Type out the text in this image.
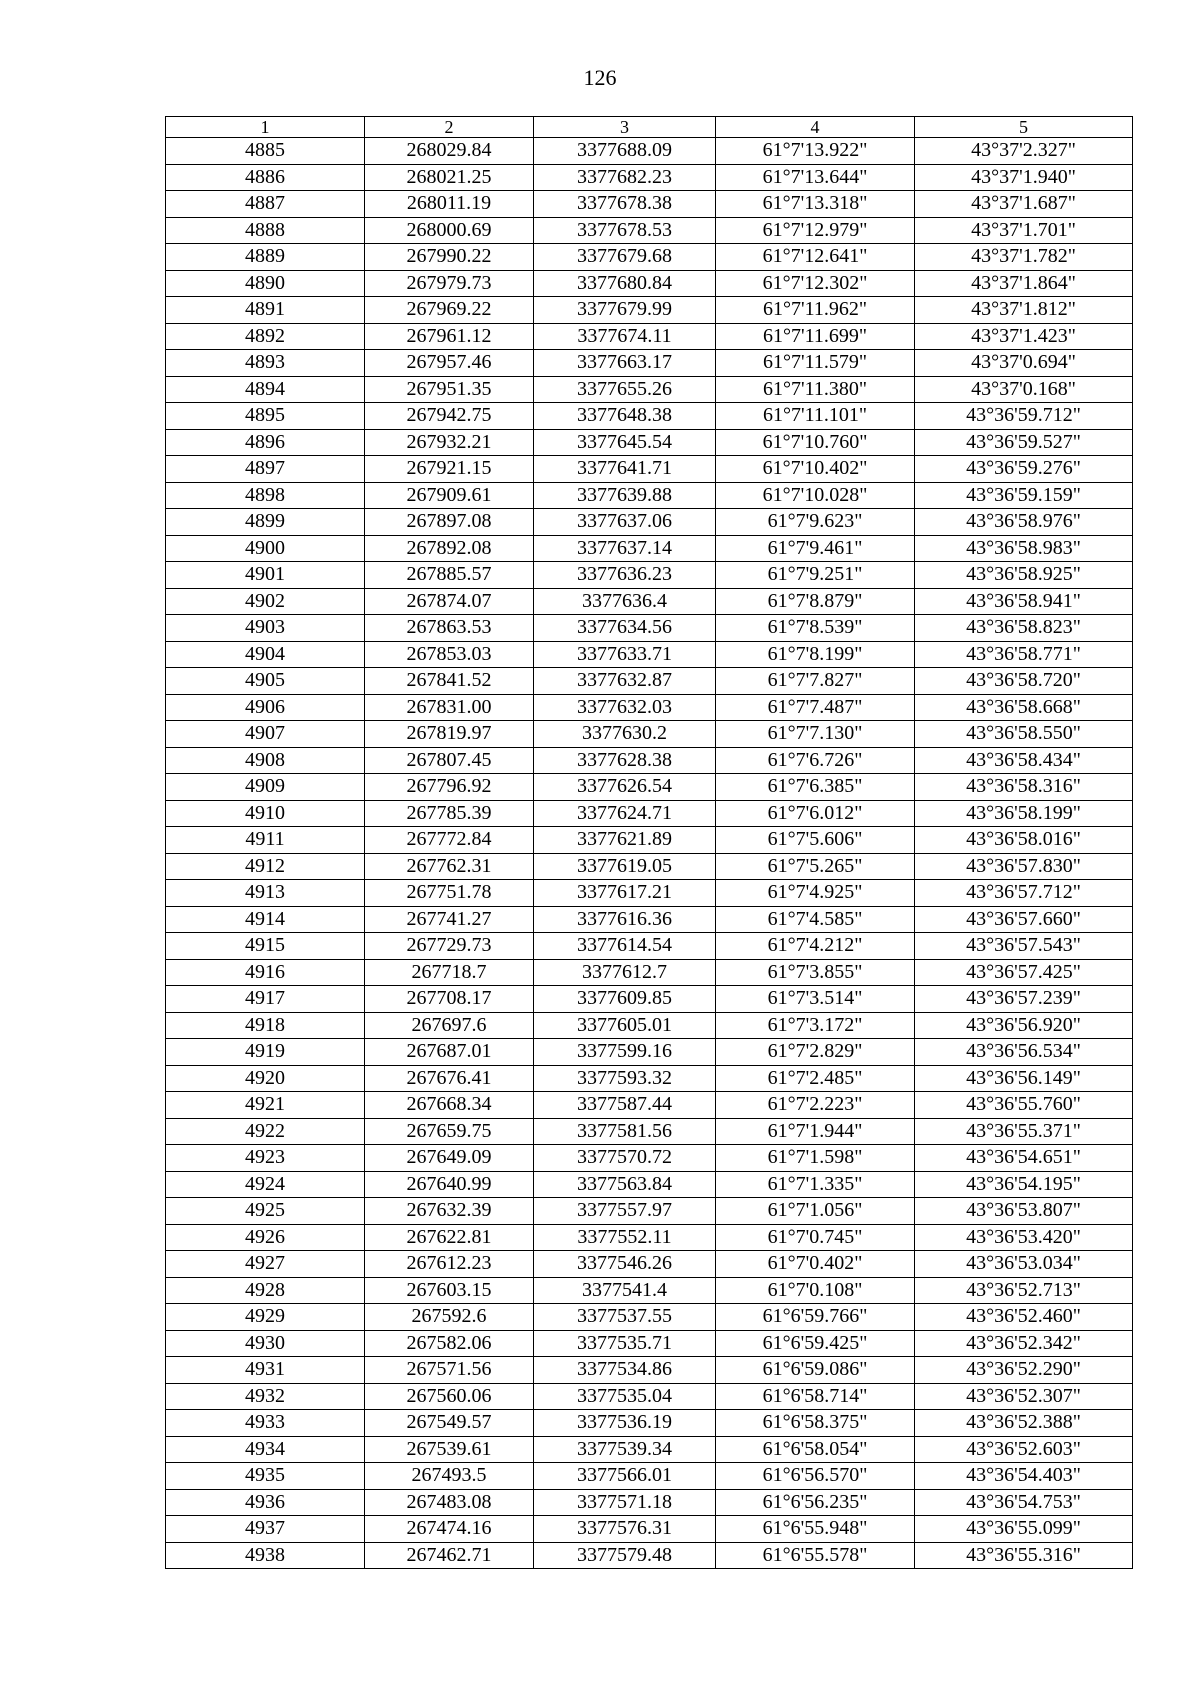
126
1	2	3	4	5
4885	268029.84	3377688.09	61°7'13.922"	43°37'2.327"
4886	268021.25	3377682.23	61°7'13.644"	43°37'1.940"
4887	268011.19	3377678.38	61°7'13.318"	43°37'1.687"
4888	268000.69	3377678.53	61°7'12.979"	43°37'1.701"
4889	267990.22	3377679.68	61°7'12.641"	43°37'1.782"
4890	267979.73	3377680.84	61°7'12.302"	43°37'1.864"
4891	267969.22	3377679.99	61°7'11.962"	43°37'1.812"
4892	267961.12	3377674.11	61°7'11.699"	43°37'1.423"
4893	267957.46	3377663.17	61°7'11.579"	43°37'0.694"
4894	267951.35	3377655.26	61°7'11.380"	43°37'0.168"
4895	267942.75	3377648.38	61°7'11.101"	43°36'59.712"
4896	267932.21	3377645.54	61°7'10.760"	43°36'59.527"
4897	267921.15	3377641.71	61°7'10.402"	43°36'59.276"
4898	267909.61	3377639.88	61°7'10.028"	43°36'59.159"
4899	267897.08	3377637.06	61°7'9.623"	43°36'58.976"
4900	267892.08	3377637.14	61°7'9.461"	43°36'58.983"
4901	267885.57	3377636.23	61°7'9.251"	43°36'58.925"
4902	267874.07	3377636.4	61°7'8.879"	43°36'58.941"
4903	267863.53	3377634.56	61°7'8.539"	43°36'58.823"
4904	267853.03	3377633.71	61°7'8.199"	43°36'58.771"
4905	267841.52	3377632.87	61°7'7.827"	43°36'58.720"
4906	267831.00	3377632.03	61°7'7.487"	43°36'58.668"
4907	267819.97	3377630.2	61°7'7.130"	43°36'58.550"
4908	267807.45	3377628.38	61°7'6.726"	43°36'58.434"
4909	267796.92	3377626.54	61°7'6.385"	43°36'58.316"
4910	267785.39	3377624.71	61°7'6.012"	43°36'58.199"
4911	267772.84	3377621.89	61°7'5.606"	43°36'58.016"
4912	267762.31	3377619.05	61°7'5.265"	43°36'57.830"
4913	267751.78	3377617.21	61°7'4.925"	43°36'57.712"
4914	267741.27	3377616.36	61°7'4.585"	43°36'57.660"
4915	267729.73	3377614.54	61°7'4.212"	43°36'57.543"
4916	267718.7	3377612.7	61°7'3.855"	43°36'57.425"
4917	267708.17	3377609.85	61°7'3.514"	43°36'57.239"
4918	267697.6	3377605.01	61°7'3.172"	43°36'56.920"
4919	267687.01	3377599.16	61°7'2.829"	43°36'56.534"
4920	267676.41	3377593.32	61°7'2.485"	43°36'56.149"
4921	267668.34	3377587.44	61°7'2.223"	43°36'55.760"
4922	267659.75	3377581.56	61°7'1.944"	43°36'55.371"
4923	267649.09	3377570.72	61°7'1.598"	43°36'54.651"
4924	267640.99	3377563.84	61°7'1.335"	43°36'54.195"
4925	267632.39	3377557.97	61°7'1.056"	43°36'53.807"
4926	267622.81	3377552.11	61°7'0.745"	43°36'53.420"
4927	267612.23	3377546.26	61°7'0.402"	43°36'53.034"
4928	267603.15	3377541.4	61°7'0.108"	43°36'52.713"
4929	267592.6	3377537.55	61°6'59.766"	43°36'52.460"
4930	267582.06	3377535.71	61°6'59.425"	43°36'52.342"
4931	267571.56	3377534.86	61°6'59.086"	43°36'52.290"
4932	267560.06	3377535.04	61°6'58.714"	43°36'52.307"
4933	267549.57	3377536.19	61°6'58.375"	43°36'52.388"
4934	267539.61	3377539.34	61°6'58.054"	43°36'52.603"
4935	267493.5	3377566.01	61°6'56.570"	43°36'54.403"
4936	267483.08	3377571.18	61°6'56.235"	43°36'54.753"
4937	267474.16	3377576.31	61°6'55.948"	43°36'55.099"
4938	267462.71	3377579.48	61°6'55.578"	43°36'55.316"
